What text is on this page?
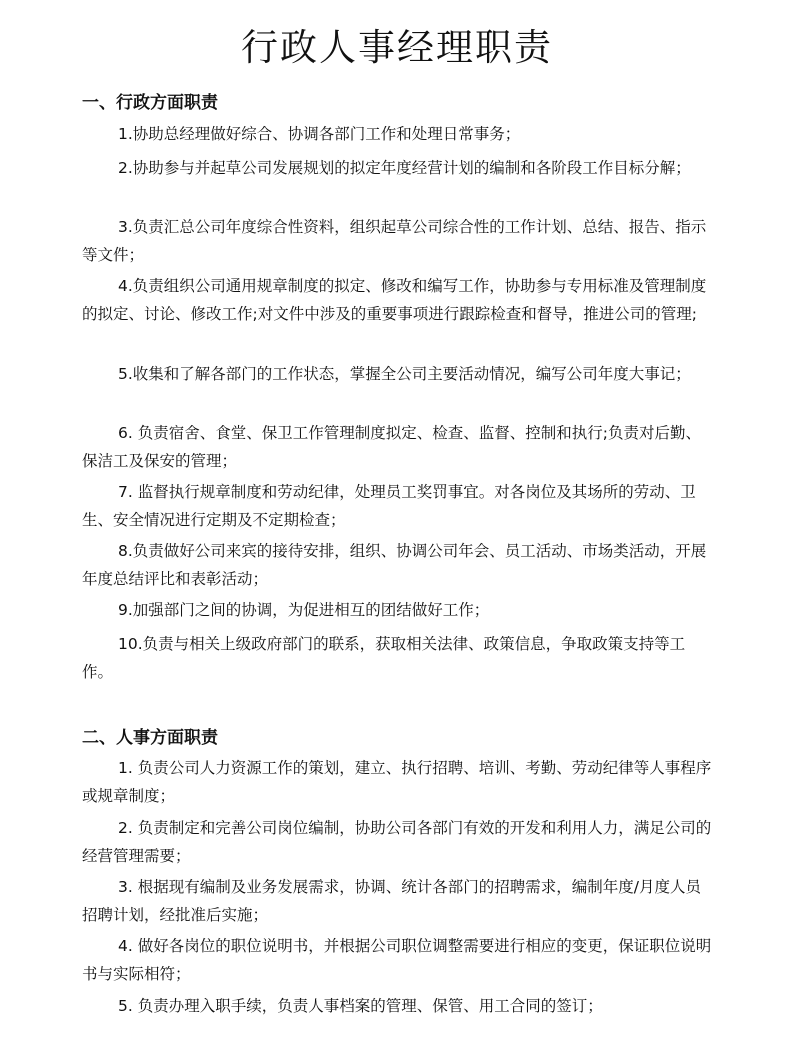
行政人事经理职责
一、行政方面职责

1.协助总经理做好综合、协调各部门工作和处理日常事务；

2.协助参与并起草公司发展规划的拟定年度经营计划的编制和各阶段工作目标分解；

3.负责汇总公司年度综合性资料，组织起草公司综合性的工作计划、总结、报告、指示等文件；

4.负责组织公司通用规章制度的拟定、修改和编写工作，协助参与专用标准及管理制度的拟定、讨论、修改工作;对文件中涉及的重要事项进行跟踪检查和督导，推进公司的管理;

5.收集和了解各部门的工作状态，掌握全公司主要活动情况，编写公司年度大事记；

6. 负责宿舍、食堂、保卫工作管理制度拟定、检查、监督、控制和执行;负责对后勤、保洁工及保安的管理；

7. 监督执行规章制度和劳动纪律，处理员工奖罚事宜。对各岗位及其场所的劳动、卫生、安全情况进行定期及不定期检查；

8.负责做好公司来宾的接待安排，组织、协调公司年会、员工活动、市场类活动，开展年度总结评比和表彰活动；

9.加强部门之间的协调，为促进相互的团结做好工作；

10.负责与相关上级政府部门的联系，获取相关法律、政策信息，争取政策支持等工作。

二、人事方面职责

1. 负责公司人力资源工作的策划，建立、执行招聘、培训、考勤、劳动纪律等人事程序或规章制度；

2. 负责制定和完善公司岗位编制，协助公司各部门有效的开发和利用人力，满足公司的经营管理需要；

3. 根据现有编制及业务发展需求，协调、统计各部门的招聘需求，编制年度/月度人员招聘计划，经批准后实施；

4. 做好各岗位的职位说明书，并根据公司职位调整需要进行相应的变更，保证职位说明书与实际相符；

5. 负责办理入职手续，负责人事档案的管理、保管、用工合同的签订；
